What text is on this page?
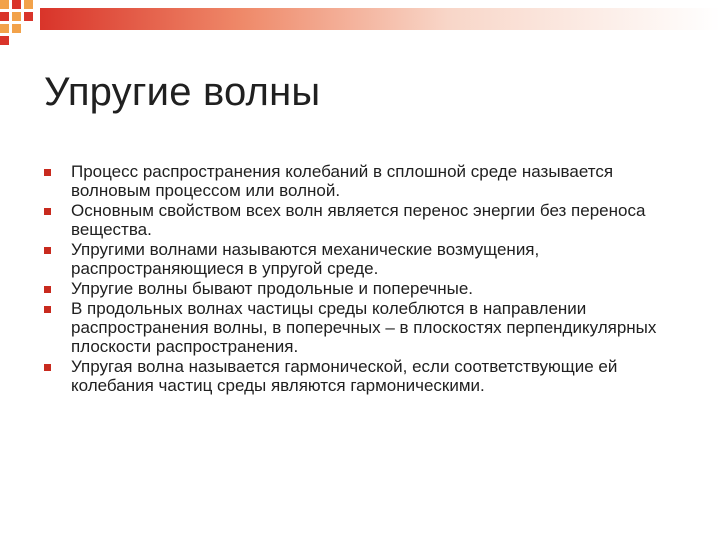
Упругие волны
Процесс распространения колебаний в сплошной среде называется волновым процессом или волной.
Основным свойством всех волн является перенос энергии без переноса вещества.
Упругими волнами называются механические возмущения, распространяющиеся в упругой среде.
Упругие волны бывают продольные и поперечные.
В продольных волнах частицы среды колеблются в направлении распространения волны, в поперечных – в плоскостях перпендикулярных плоскости распространения.
Упругая волна называется гармонической, если соответствующие ей колебания частиц среды являются гармоническими.
